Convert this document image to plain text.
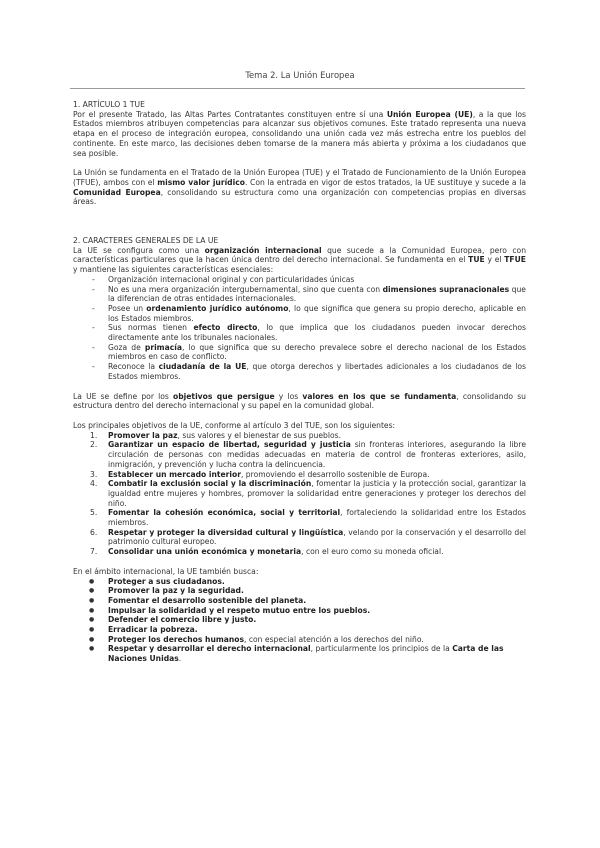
Tema 2. La Unión Europea
1. ARTÍCULO 1 TUE
Por el presente Tratado, las Altas Partes Contratantes constituyen entre sí una Unión Europea (UE), a la que los Estados miembros atribuyen competencias para alcanzar sus objetivos comunes. Este tratado representa una nueva etapa en el proceso de integración europea, consolidando una unión cada vez más estrecha entre los pueblos del continente. En este marco, las decisiones deben tomarse de la manera más abierta y próxima a los ciudadanos que sea posible.
La Unión se fundamenta en el Tratado de la Unión Europea (TUE) y el Tratado de Funcionamiento de la Unión Europea (TFUE), ambos con el mismo valor jurídico. Con la entrada en vigor de estos tratados, la UE sustituye y sucede a la Comunidad Europea, consolidando su estructura como una organización con competencias propias en diversas áreas.
2. CARACTERES GENERALES DE LA UE
La UE se configura como una organización internacional que sucede a la Comunidad Europea, pero con características particulares que la hacen única dentro del derecho internacional. Se fundamenta en el TUE y el TFUE y mantiene las siguientes características esenciales:
- Organización internacional original y con particularidades únicas
- No es una mera organización intergubernamental, sino que cuenta con dimensiones supranacionales que la diferencian de otras entidades internacionales.
- Posee un ordenamiento jurídico autónomo, lo que significa que genera su propio derecho, aplicable en los Estados miembros.
- Sus normas tienen efecto directo, lo que implica que los ciudadanos pueden invocar derechos directamente ante los tribunales nacionales.
- Goza de primacía, lo que significa que su derecho prevalece sobre el derecho nacional de los Estados miembros en caso de conflicto.
- Reconoce la ciudadanía de la UE, que otorga derechos y libertades adicionales a los ciudadanos de los Estados miembros.
La UE se define por los objetivos que persigue y los valores en los que se fundamenta, consolidando su estructura dentro del derecho internacional y su papel en la comunidad global.
Los principales objetivos de la UE, conforme al artículo 3 del TUE, son los siguientes:
1. Promover la paz, sus valores y el bienestar de sus pueblos.
2. Garantizar un espacio de libertad, seguridad y justicia sin fronteras interiores, asegurando la libre circulación de personas con medidas adecuadas en materia de control de fronteras exteriores, asilo, inmigración, y prevención y lucha contra la delincuencia.
3. Establecer un mercado interior, promoviendo el desarrollo sostenible de Europa.
4. Combatir la exclusión social y la discriminación, fomentar la justicia y la protección social, garantizar la igualdad entre mujeres y hombres, promover la solidaridad entre generaciones y proteger los derechos del niño.
5. Fomentar la cohesión económica, social y territorial, fortaleciendo la solidaridad entre los Estados miembros.
6. Respetar y proteger la diversidad cultural y lingüística, velando por la conservación y el desarrollo del patrimonio cultural europeo.
7. Consolidar una unión económica y monetaria, con el euro como su moneda oficial.
En el ámbito internacional, la UE también busca:
● Proteger a sus ciudadanos.
● Promover la paz y la seguridad.
● Fomentar el desarrollo sostenible del planeta.
● Impulsar la solidaridad y el respeto mutuo entre los pueblos.
● Defender el comercio libre y justo.
● Erradicar la pobreza.
● Proteger los derechos humanos, con especial atención a los derechos del niño.
● Respetar y desarrollar el derecho internacional, particularmente los principios de la Carta de las Naciones Unidas.
